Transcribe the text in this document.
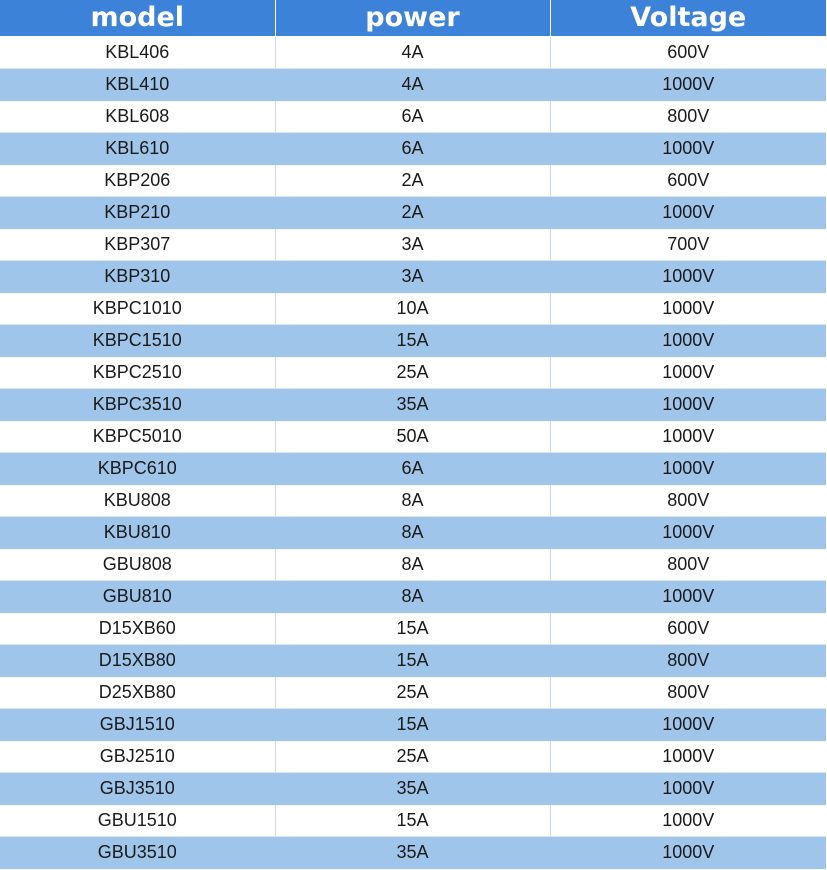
model	power	Voltage
KBL406	4A	600V
KBL410	4A	1000V
KBL608	6A	800V
KBL610	6A	1000V
KBP206	2A	600V
KBP210	2A	1000V
KBP307	3A	700V
KBP310	3A	1000V
KBPC1010	10A	1000V
KBPC1510	15A	1000V
KBPC2510	25A	1000V
KBPC3510	35A	1000V
KBPC5010	50A	1000V
KBPC610	6A	1000V
KBU808	8A	800V
KBU810	8A	1000V
GBU808	8A	800V
GBU810	8A	1000V
D15XB60	15A	600V
D15XB80	15A	800V
D25XB80	25A	800V
GBJ1510	15A	1000V
GBJ2510	25A	1000V
GBJ3510	35A	1000V
GBU1510	15A	1000V
GBU3510	35A	1000V
